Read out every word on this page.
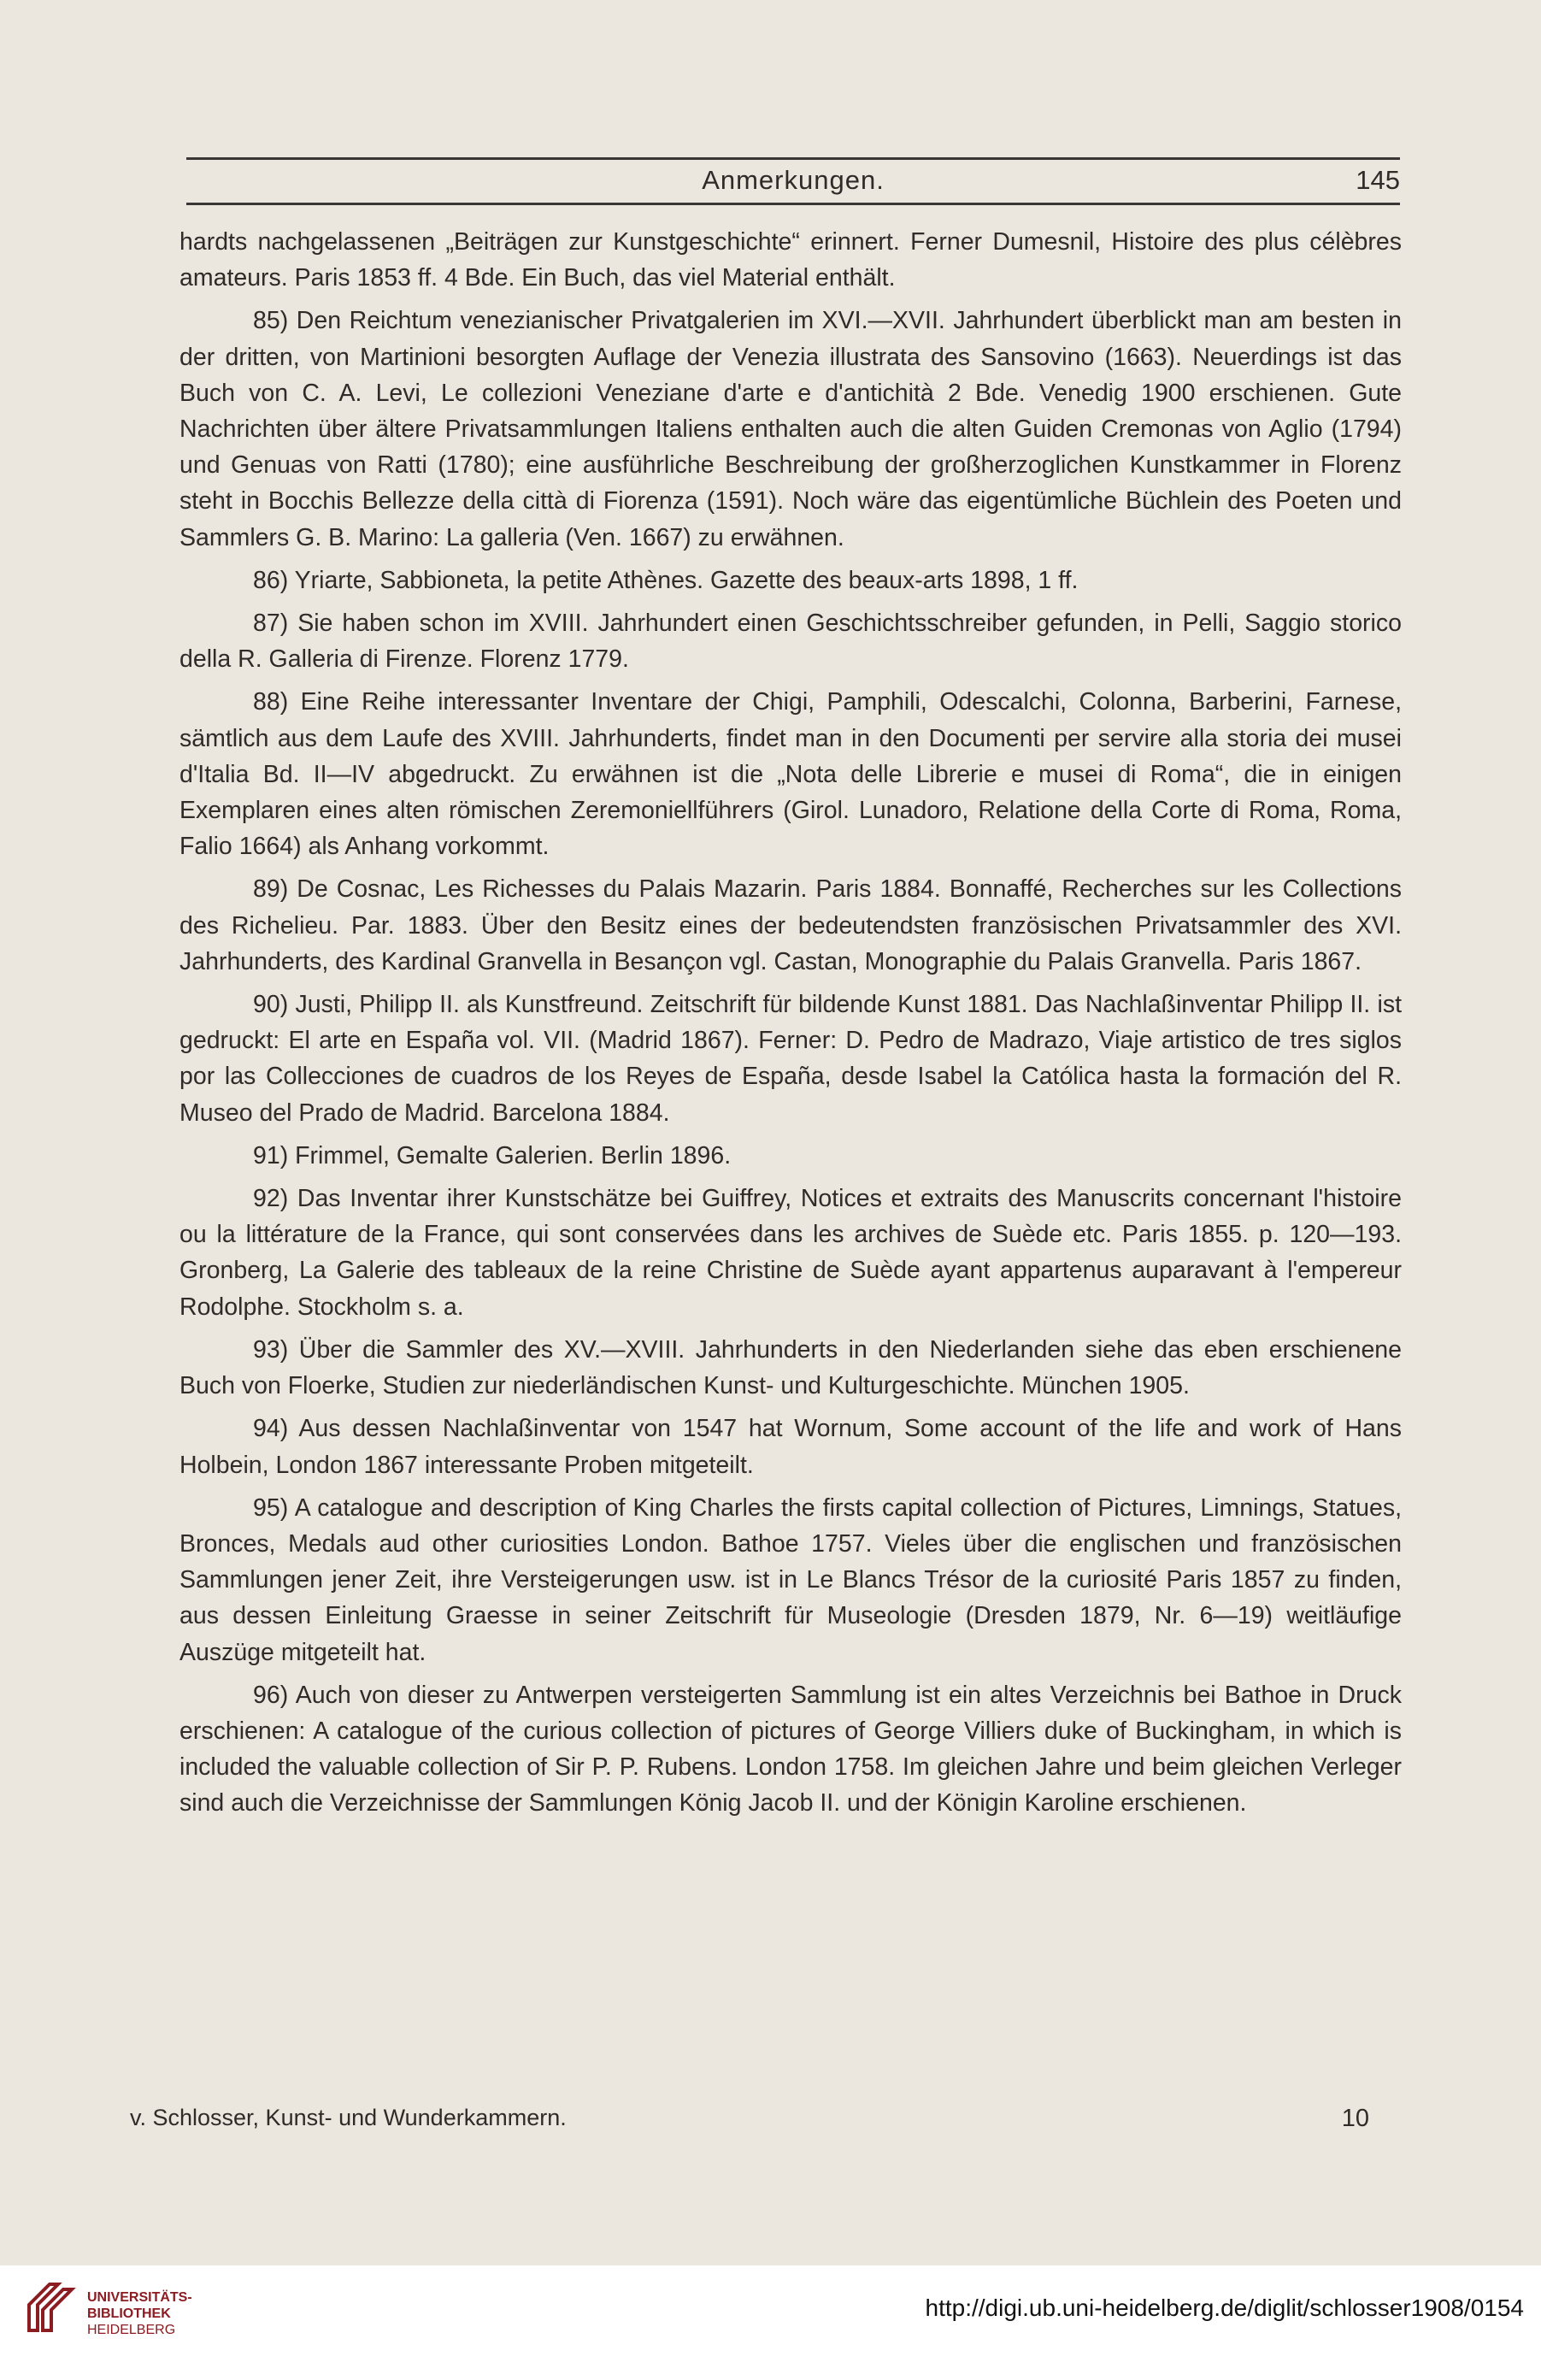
Anmerkungen.	145

hardts nachgelassenen „Beiträgen zur Kunstgeschichte“ erinnert. Ferner Dumesnil, Histoire des plus célèbres amateurs. Paris 1853 ff. 4 Bde. Ein Buch, das viel Material enthält.

85) Den Reichtum venezianischer Privatgalerien im XVI.—XVII. Jahrhundert überblickt man am besten in der dritten, von Martinioni besorgten Auflage der Venezia illustrata des Sansovino (1663). Neuerdings ist das Buch von C. A. Levi, Le collezioni Veneziane d'arte e d'antichità 2 Bde. Venedig 1900 erschienen. Gute Nachrichten über ältere Privatsammlungen Italiens enthalten auch die alten Guiden Cremonas von Aglio (1794) und Genuas von Ratti (1780); eine ausführliche Beschreibung der großherzoglichen Kunstkammer in Florenz steht in Bocchis Bellezze della città di Fiorenza (1591). Noch wäre das eigentümliche Büchlein des Poeten und Sammlers G. B. Marino: La galleria (Ven. 1667) zu erwähnen.

86) Yriarte, Sabbioneta, la petite Athènes. Gazette des beaux-arts 1898, 1 ff.

87) Sie haben schon im XVIII. Jahrhundert einen Geschichtsschreiber gefunden, in Pelli, Saggio storico della R. Galleria di Firenze. Florenz 1779.

88) Eine Reihe interessanter Inventare der Chigi, Pamphili, Odescalchi, Colonna, Barberini, Farnese, sämtlich aus dem Laufe des XVIII. Jahrhunderts, findet man in den Documenti per servire alla storia dei musei d'Italia Bd. II—IV abgedruckt. Zu erwähnen ist die „Nota delle Librerie e musei di Roma“, die in einigen Exemplaren eines alten römischen Zeremoniellführers (Girol. Lunadoro, Relatione della Corte di Roma, Roma, Falio 1664) als Anhang vorkommt.

89) De Cosnac, Les Richesses du Palais Mazarin. Paris 1884. Bonnaffé, Recherches sur les Collections des Richelieu. Par. 1883. Über den Besitz eines der bedeutendsten französischen Privatsammler des XVI. Jahrhunderts, des Kardinal Granvella in Besançon vgl. Castan, Monographie du Palais Granvella. Paris 1867.

90) Justi, Philipp II. als Kunstfreund. Zeitschrift für bildende Kunst 1881. Das Nachlaßinventar Philipp II. ist gedruckt: El arte en España vol. VII. (Madrid 1867). Ferner: D. Pedro de Madrazo, Viaje artistico de tres siglos por las Collecciones de cuadros de los Reyes de España, desde Isabel la Católica hasta la formación del R. Museo del Prado de Madrid. Barcelona 1884.

91) Frimmel, Gemalte Galerien. Berlin 1896.

92) Das Inventar ihrer Kunstschätze bei Guiffrey, Notices et extraits des Manuscrits concernant l'histoire ou la littérature de la France, qui sont conservées dans les archives de Suède etc. Paris 1855. p. 120—193. Gronberg, La Galerie des tableaux de la reine Christine de Suède ayant appartenus auparavant à l'empereur Rodolphe. Stockholm s. a.

93) Über die Sammler des XV.—XVIII. Jahrhunderts in den Niederlanden siehe das eben erschienene Buch von Floerke, Studien zur niederländischen Kunst- und Kulturgeschichte. München 1905.

94) Aus dessen Nachlaßinventar von 1547 hat Wornum, Some account of the life and work of Hans Holbein, London 1867 interessante Proben mitgeteilt.

95) A catalogue and description of King Charles the firsts capital collection of Pictures, Limnings, Statues, Bronces, Medals aud other curiosities London. Bathoe 1757. Vieles über die englischen und französischen Sammlungen jener Zeit, ihre Versteigerungen usw. ist in Le Blancs Trésor de la curiosité Paris 1857 zu finden, aus dessen Einleitung Graesse in seiner Zeitschrift für Museologie (Dresden 1879, Nr. 6—19) weitläufige Auszüge mitgeteilt hat.

96) Auch von dieser zu Antwerpen versteigerten Sammlung ist ein altes Verzeichnis bei Bathoe in Druck erschienen: A catalogue of the curious collection of pictures of George Villiers duke of Buckingham, in which is included the valuable collection of Sir P. P. Rubens. London 1758. Im gleichen Jahre und beim gleichen Verleger sind auch die Verzeichnisse der Sammlungen König Jacob II. und der Königin Karoline erschienen.

v. Schlosser, Kunst- und Wunderkammern.	10
UNIVERSITÄTS-
BIBLIOTHEK
HEIDELBERG
http://digi.ub.uni-heidelberg.de/diglit/schlosser1908/0154
